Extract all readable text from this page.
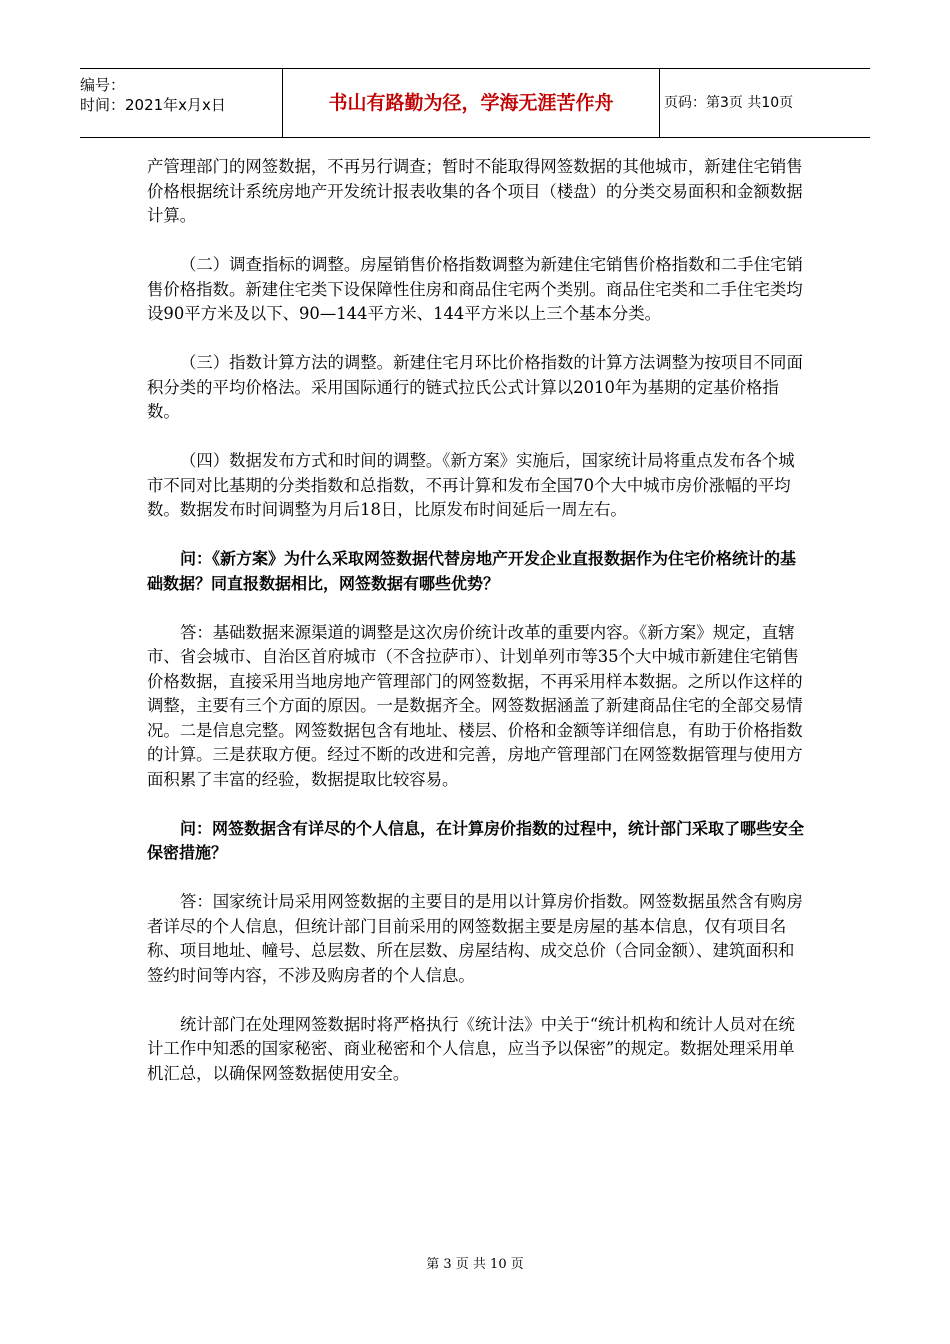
编号：
时间：2021年x月x日	书山有路勤为径，学海无涯苦作舟	页码：第3页 共10页

产管理部门的网签数据，不再另行调查；暂时不能取得网签数据的其他城市，新建住宅销售价格根据统计系统房地产开发统计报表收集的各个项目（楼盘）的分类交易面积和金额数据计算。

（二）调查指标的调整。房屋销售价格指数调整为新建住宅销售价格指数和二手住宅销售价格指数。新建住宅类下设保障性住房和商品住宅两个类别。商品住宅类和二手住宅类均设90平方米及以下、90—144平方米、144平方米以上三个基本分类。

（三）指数计算方法的调整。新建住宅月环比价格指数的计算方法调整为按项目不同面积分类的平均价格法。采用国际通行的链式拉氏公式计算以2010年为基期的定基价格指数。

（四）数据发布方式和时间的调整。《新方案》实施后，国家统计局将重点发布各个城市不同对比基期的分类指数和总指数，不再计算和发布全国70个大中城市房价涨幅的平均数。数据发布时间调整为月后18日，比原发布时间延后一周左右。

问：《新方案》为什么采取网签数据代替房地产开发企业直报数据作为住宅价格统计的基础数据？同直报数据相比，网签数据有哪些优势？

答：基础数据来源渠道的调整是这次房价统计改革的重要内容。《新方案》规定，直辖市、省会城市、自治区首府城市（不含拉萨市）、计划单列市等35个大中城市新建住宅销售价格数据，直接采用当地房地产管理部门的网签数据，不再采用样本数据。之所以作这样的调整，主要有三个方面的原因。一是数据齐全。网签数据涵盖了新建商品住宅的全部交易情况。二是信息完整。网签数据包含有地址、楼层、价格和金额等详细信息，有助于价格指数的计算。三是获取方便。经过不断的改进和完善，房地产管理部门在网签数据管理与使用方面积累了丰富的经验，数据提取比较容易。

问：网签数据含有详尽的个人信息，在计算房价指数的过程中，统计部门采取了哪些安全保密措施？

答：国家统计局采用网签数据的主要目的是用以计算房价指数。网签数据虽然含有购房者详尽的个人信息，但统计部门目前采用的网签数据主要是房屋的基本信息，仅有项目名称、项目地址、幢号、总层数、所在层数、房屋结构、成交总价（合同金额）、建筑面积和签约时间等内容，不涉及购房者的个人信息。

统计部门在处理网签数据时将严格执行《统计法》中关于“统计机构和统计人员对在统计工作中知悉的国家秘密、商业秘密和个人信息，应当予以保密”的规定。数据处理采用单机汇总，以确保网签数据使用安全。

第 3 页 共 10 页
